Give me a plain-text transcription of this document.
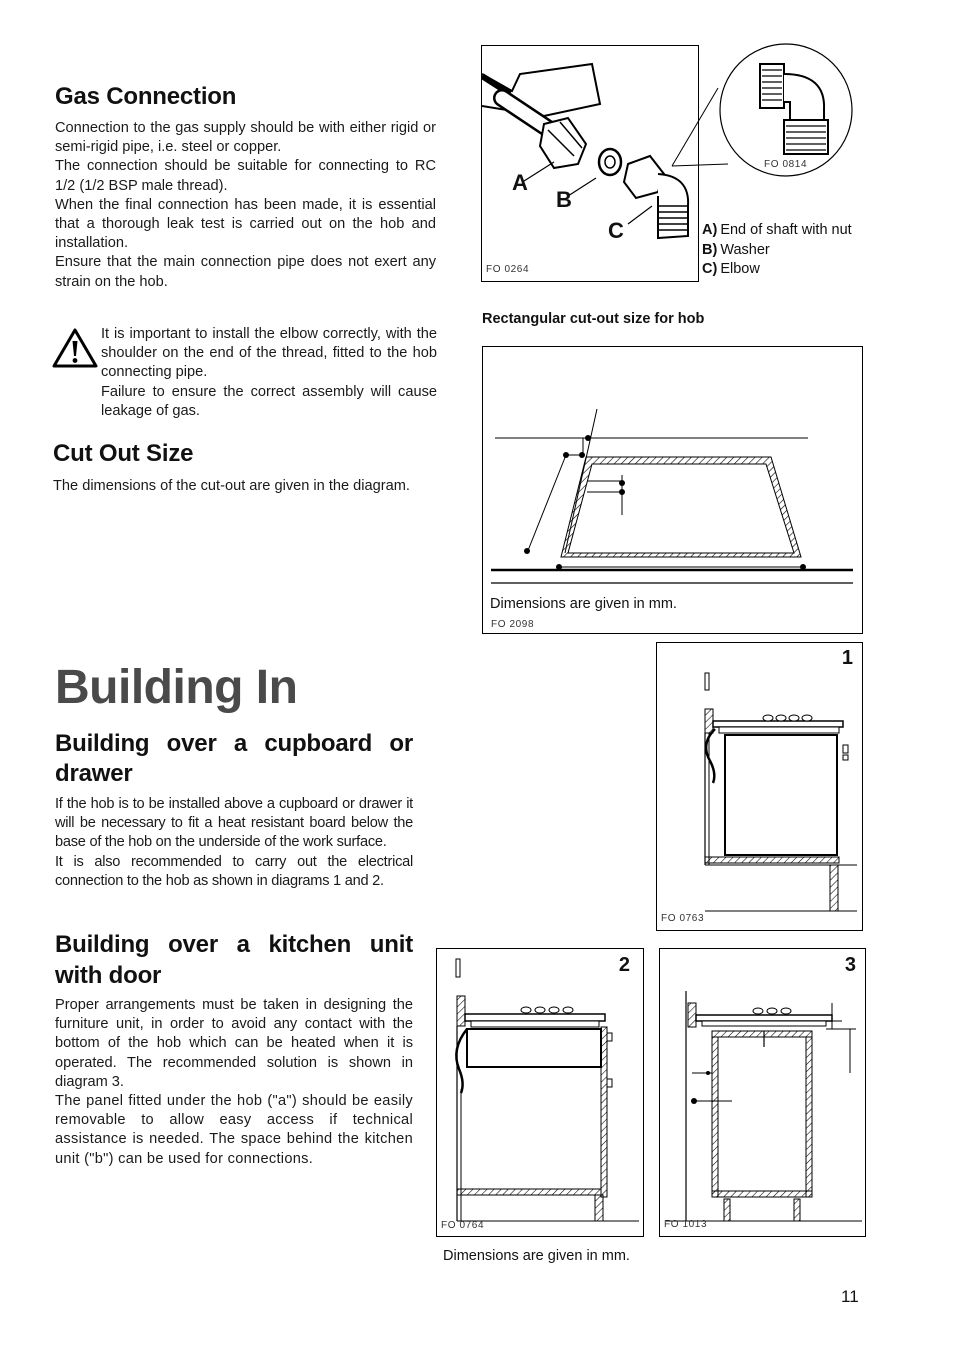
Gas Connection

Connection to the gas supply should be with either rigid or semi-rigid pipe, i.e. steel or copper.

The connection should be suitable for connecting to RC 1/2 (1/2 BSP male thread).

When the final connection has been made, it is essential that a thorough leak test is carried out on the hob and installation.

Ensure that the main connection pipe does not exert any strain on the hob.

It is important to install the elbow correctly, with the shoulder on the end of the thread, fitted to the hob connecting pipe.

Failure to ensure the correct assembly will cause leakage of gas.

Cut Out Size
The dimensions of the cut-out are given in the diagram.
Building In
Building over a cupboard or drawer

If the hob is to be installed above a cupboard or drawer it will be necessary to fit a heat resistant board below the base of the hob on the underside of the work surface.

It is also recommended to carry out the electrical connection to the hob as shown in diagrams 1 and 2.

Building over a kitchen unit with door

Proper arrangements must be taken in designing the furniture unit, in order to avoid any contact with the bottom of the hob which can be heated when it is operated. The recommended solution is shown in diagram 3.

The panel fitted under the hob ("a") should be easily removable to allow easy access if technical assistance is needed. The space behind the kitchen unit ("b") can be used for connections.

A
B
C
FO 0264
FO 0814
A) End of shaft with nut
B) Washer
C) Elbow
Rectangular cut-out size for hob
Dimensions are given in mm.
FO 2098
1
FO 0763
2
FO 0764
3
FO 1013
Dimensions are given in mm.
11
